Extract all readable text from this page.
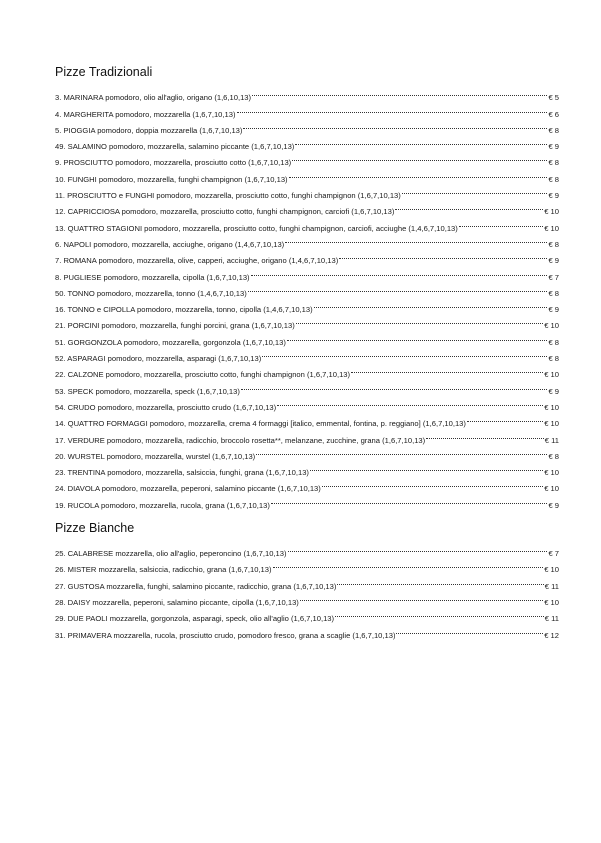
Pizze Tradizionali
3. MARINARA pomodoro, olio all'aglio, origano (1,6,10,13)	€ 5
4. MARGHERITA pomodoro, mozzarella (1,6,7,10,13)	€ 6
5. PIOGGIA pomodoro, doppia mozzarella (1,6,7,10,13)	€ 8
49. SALAMINO pomodoro, mozzarella, salamino piccante (1,6,7,10,13)	€ 9
9. PROSCIUTTO pomodoro, mozzarella, prosciutto cotto (1,6,7,10,13)	€ 8
10. FUNGHI pomodoro, mozzarella, funghi champignon (1,6,7,10,13)	€ 8
11. PROSCIUTTO e FUNGHI pomodoro, mozzarella, prosciutto cotto, funghi champignon (1,6,7,10,13)	€ 9
12. CAPRICCIOSA pomodoro, mozzarella, prosciutto cotto, funghi champignon, carciofi (1,6,7,10,13)	€ 10
13. QUATTRO STAGIONI pomodoro, mozzarella, prosciutto cotto, funghi champignon, carciofi, acciughe (1,4,6,7,10,13)	€ 10
6. NAPOLI pomodoro, mozzarella, acciughe, origano (1,4,6,7,10,13)	€ 8
7. ROMANA pomodoro, mozzarella, olive, capperi, acciughe, origano (1,4,6,7,10,13)	€ 9
8. PUGLIESE pomodoro, mozzarella, cipolla (1,6,7,10,13)	€ 7
50. TONNO pomodoro, mozzarella, tonno (1,4,6,7,10,13)	€ 8
16. TONNO e CIPOLLA pomodoro, mozzarella, tonno, cipolla (1,4,6,7,10,13)	€ 9
21. PORCINI pomodoro, mozzarella, funghi porcini, grana (1,6,7,10,13)	€ 10
51. GORGONZOLA pomodoro, mozzarella, gorgonzola (1,6,7,10,13)	€ 8
52. ASPARAGI pomodoro, mozzarella, asparagi (1,6,7,10,13)	€ 8
22. CALZONE pomodoro, mozzarella, prosciutto cotto, funghi champignon (1,6,7,10,13)	€ 10
53. SPECK pomodoro, mozzarella, speck (1,6,7,10,13)	€ 9
54. CRUDO pomodoro, mozzarella, prosciutto crudo (1,6,7,10,13)	€ 10
14. QUATTRO FORMAGGI pomodoro, mozzarella, crema 4 formaggi [italico, emmental, fontina, p. reggiano] (1,6,7,10,13)	€ 10
17. VERDURE pomodoro, mozzarella, radicchio, broccolo rosetta**, melanzane, zucchine, grana (1,6,7,10,13)	€ 11
20. WURSTEL pomodoro, mozzarella, wurstel (1,6,7,10,13)	€ 8
23. TRENTINA pomodoro, mozzarella, salsiccia, funghi, grana (1,6,7,10,13)	€ 10
24. DIAVOLA pomodoro, mozzarella, peperoni, salamino piccante (1,6,7,10,13)	€ 10
19. RUCOLA pomodoro, mozzarella, rucola, grana (1,6,7,10,13)	€ 9
Pizze Bianche
25. CALABRESE mozzarella, olio all'aglio, peperoncino (1,6,7,10,13)	€ 7
26. MISTER mozzarella, salsiccia, radicchio, grana (1,6,7,10,13)	€ 10
27. GUSTOSA mozzarella, funghi, salamino piccante, radicchio, grana (1,6,7,10,13)	€ 11
28. DAISY mozzarella, peperoni, salamino piccante, cipolla (1,6,7,10,13)	€ 10
29. DUE PAOLI mozzarella, gorgonzola, asparagi, speck, olio all'aglio (1,6,7,10,13)	€ 11
31. PRIMAVERA mozzarella, rucola, prosciutto crudo, pomodoro fresco, grana a scaglie (1,6,7,10,13)	€ 12
